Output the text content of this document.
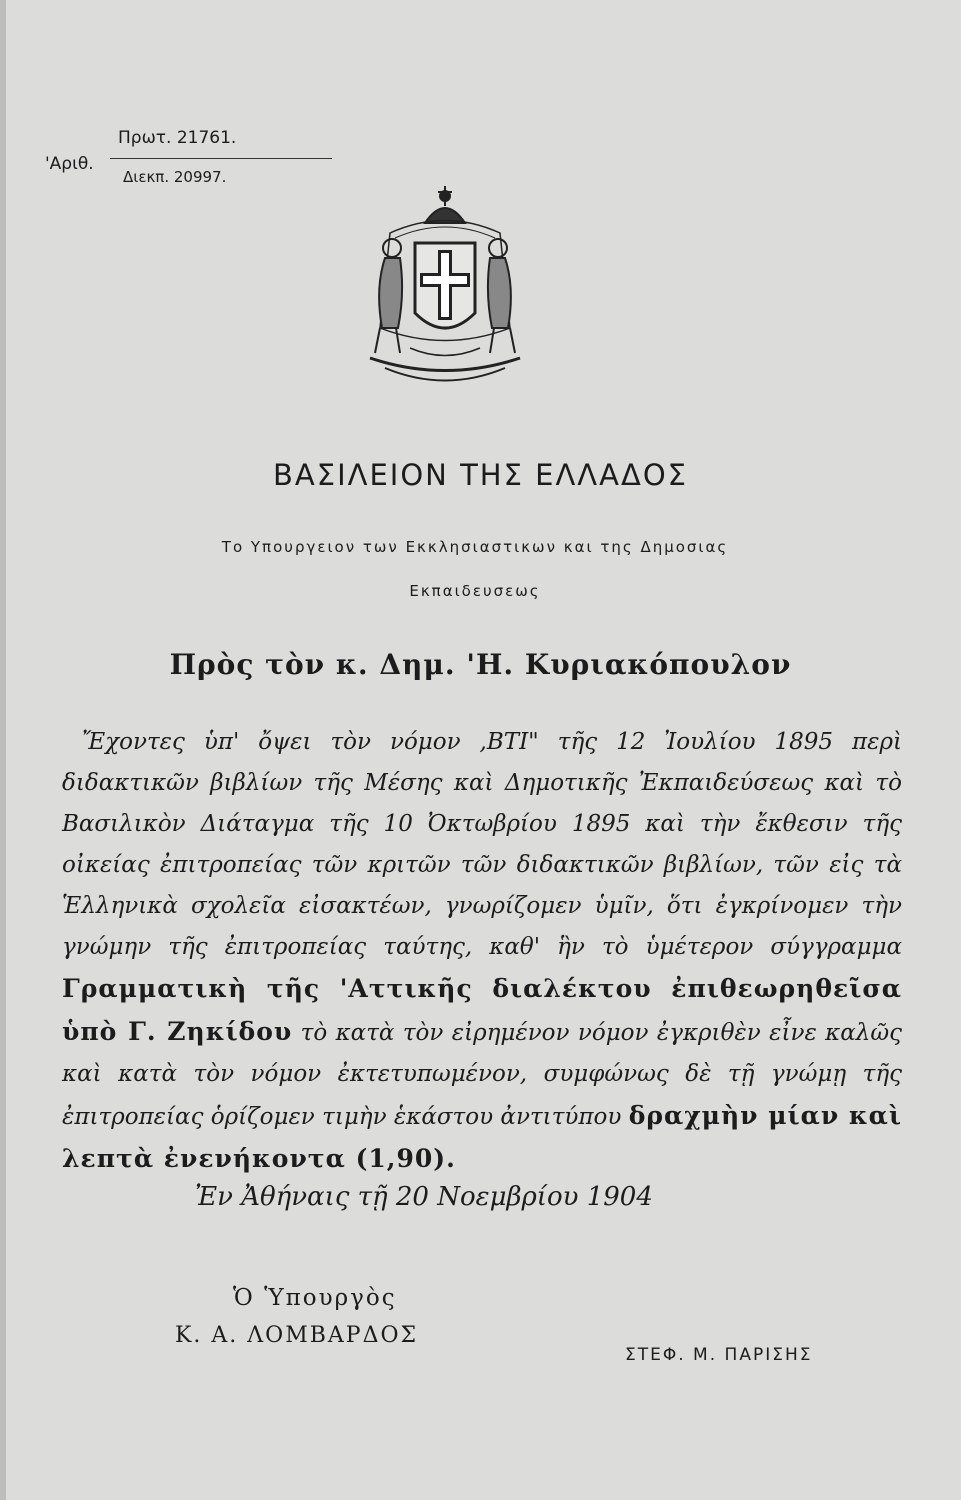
'Αριθ.
Πρωτ. 21761.
Διεκπ. 20997.
ΒΑΣΙΛΕΙΟΝ ΤΗΣ ΕΛΛΑΔΟΣ
Το Υπουργειον των Εκκλησιαστικων και της Δημοσιας
Εκπαιδευσεως
Πρὸς τὸν κ. Δημ. 'Η. Κυριακόπουλον
Ἔχοντες ὑπ' ὄψει τὸν νόμον ,ΒΤΙ" τῆς 12 Ἰουλίου 1895 περὶ διδακτικῶν βιβλίων τῆς Μέσης καὶ Δημοτικῆς Ἐκπαιδεύσεως καὶ τὸ Βασιλικὸν Διάταγμα τῆς 10 Ὀκτωβρίου 1895 καὶ τὴν ἔκθεσιν τῆς οἰκείας ἐπιτροπείας τῶν κριτῶν τῶν διδακτικῶν βιβλίων, τῶν εἰς τὰ Ἑλληνικὰ σχολεῖα εἰσακτέων, γνωρίζομεν ὑμῖν, ὅτι ἐγκρίνομεν τὴν γνώμην τῆς ἐπιτροπείας ταύτης, καθ' ἣν τὸ ὑμέτερον σύγγραμμα Γραμματικὴ τῆς 'Αττικῆς διαλέκτου ἐπιθεωρηθεῖσα ὑπὸ Γ. Ζηκίδου τὸ κατὰ τὸν εἰρημένον νόμον ἐγκριθὲν εἶνε καλῶς καὶ κατὰ τὸν νόμον ἐκτετυπωμένον, συμφώνως δὲ τῇ γνώμῃ τῆς ἐπιτροπείας ὁρίζομεν τιμὴν ἑκάστου ἀντιτύπου δραχμὴν μίαν καὶ λεπτὰ ἐνενήκοντα (1,90).
Ἐν Ἀθήναις τῇ 20 Νοεμβρίου 1904
Ὁ Ὑπουργὸς
Κ. Α. ΛΟΜΒΑΡΔΟΣ
ΣΤΕΦ. Μ. ΠΑΡΙΣΗΣ
